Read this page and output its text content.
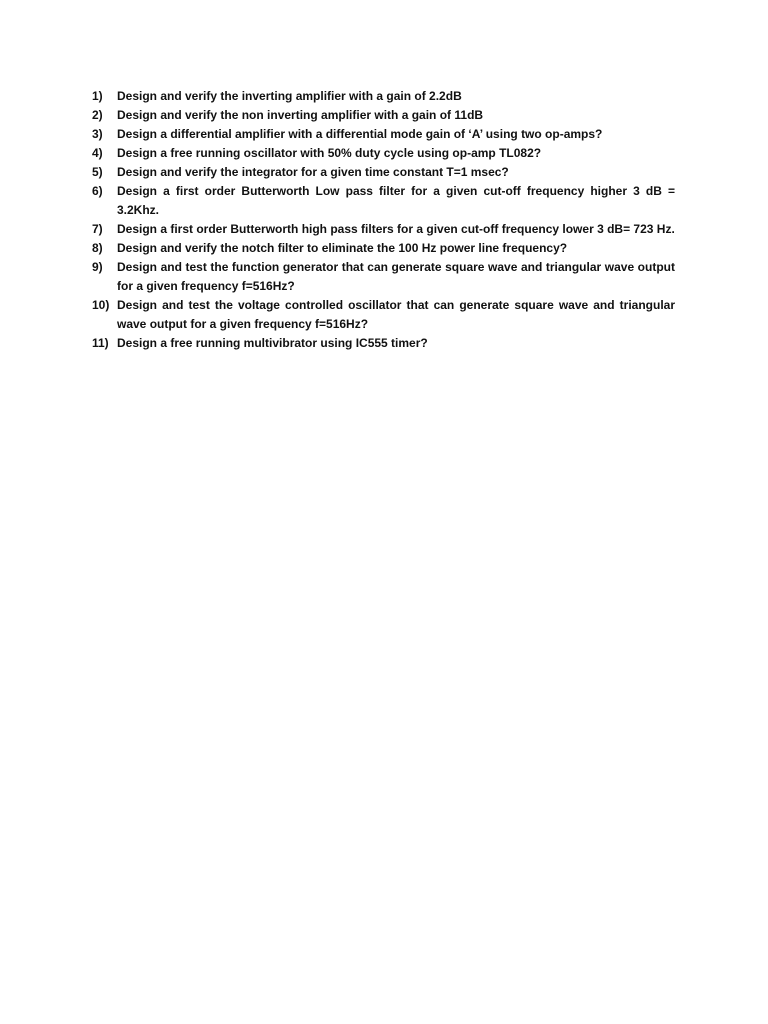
1)	Design and verify the inverting amplifier with a gain of 2.2dB
2)	Design and verify the non inverting amplifier with a gain of 11dB
3)	Design a differential amplifier with a differential mode gain of ‘A’ using two op-amps?
4)	Design a free running oscillator with 50% duty cycle using op-amp TL082?
5)	Design and verify the integrator for a given time constant T=1 msec?
6)	Design a first order Butterworth Low pass filter for a given cut-off frequency higher 3 dB = 3.2Khz.
7)	Design a first order Butterworth high pass filters for a given cut-off frequency lower 3 dB= 723 Hz.
8)	Design and verify the notch filter to eliminate the 100 Hz power line frequency?
9)	Design and test the function generator that can generate square wave and triangular wave output for a given frequency f=516Hz?
10) Design and test the voltage controlled oscillator that can generate square wave and triangular wave output for a given frequency f=516Hz?
11) Design a free running multivibrator using IC555 timer?
